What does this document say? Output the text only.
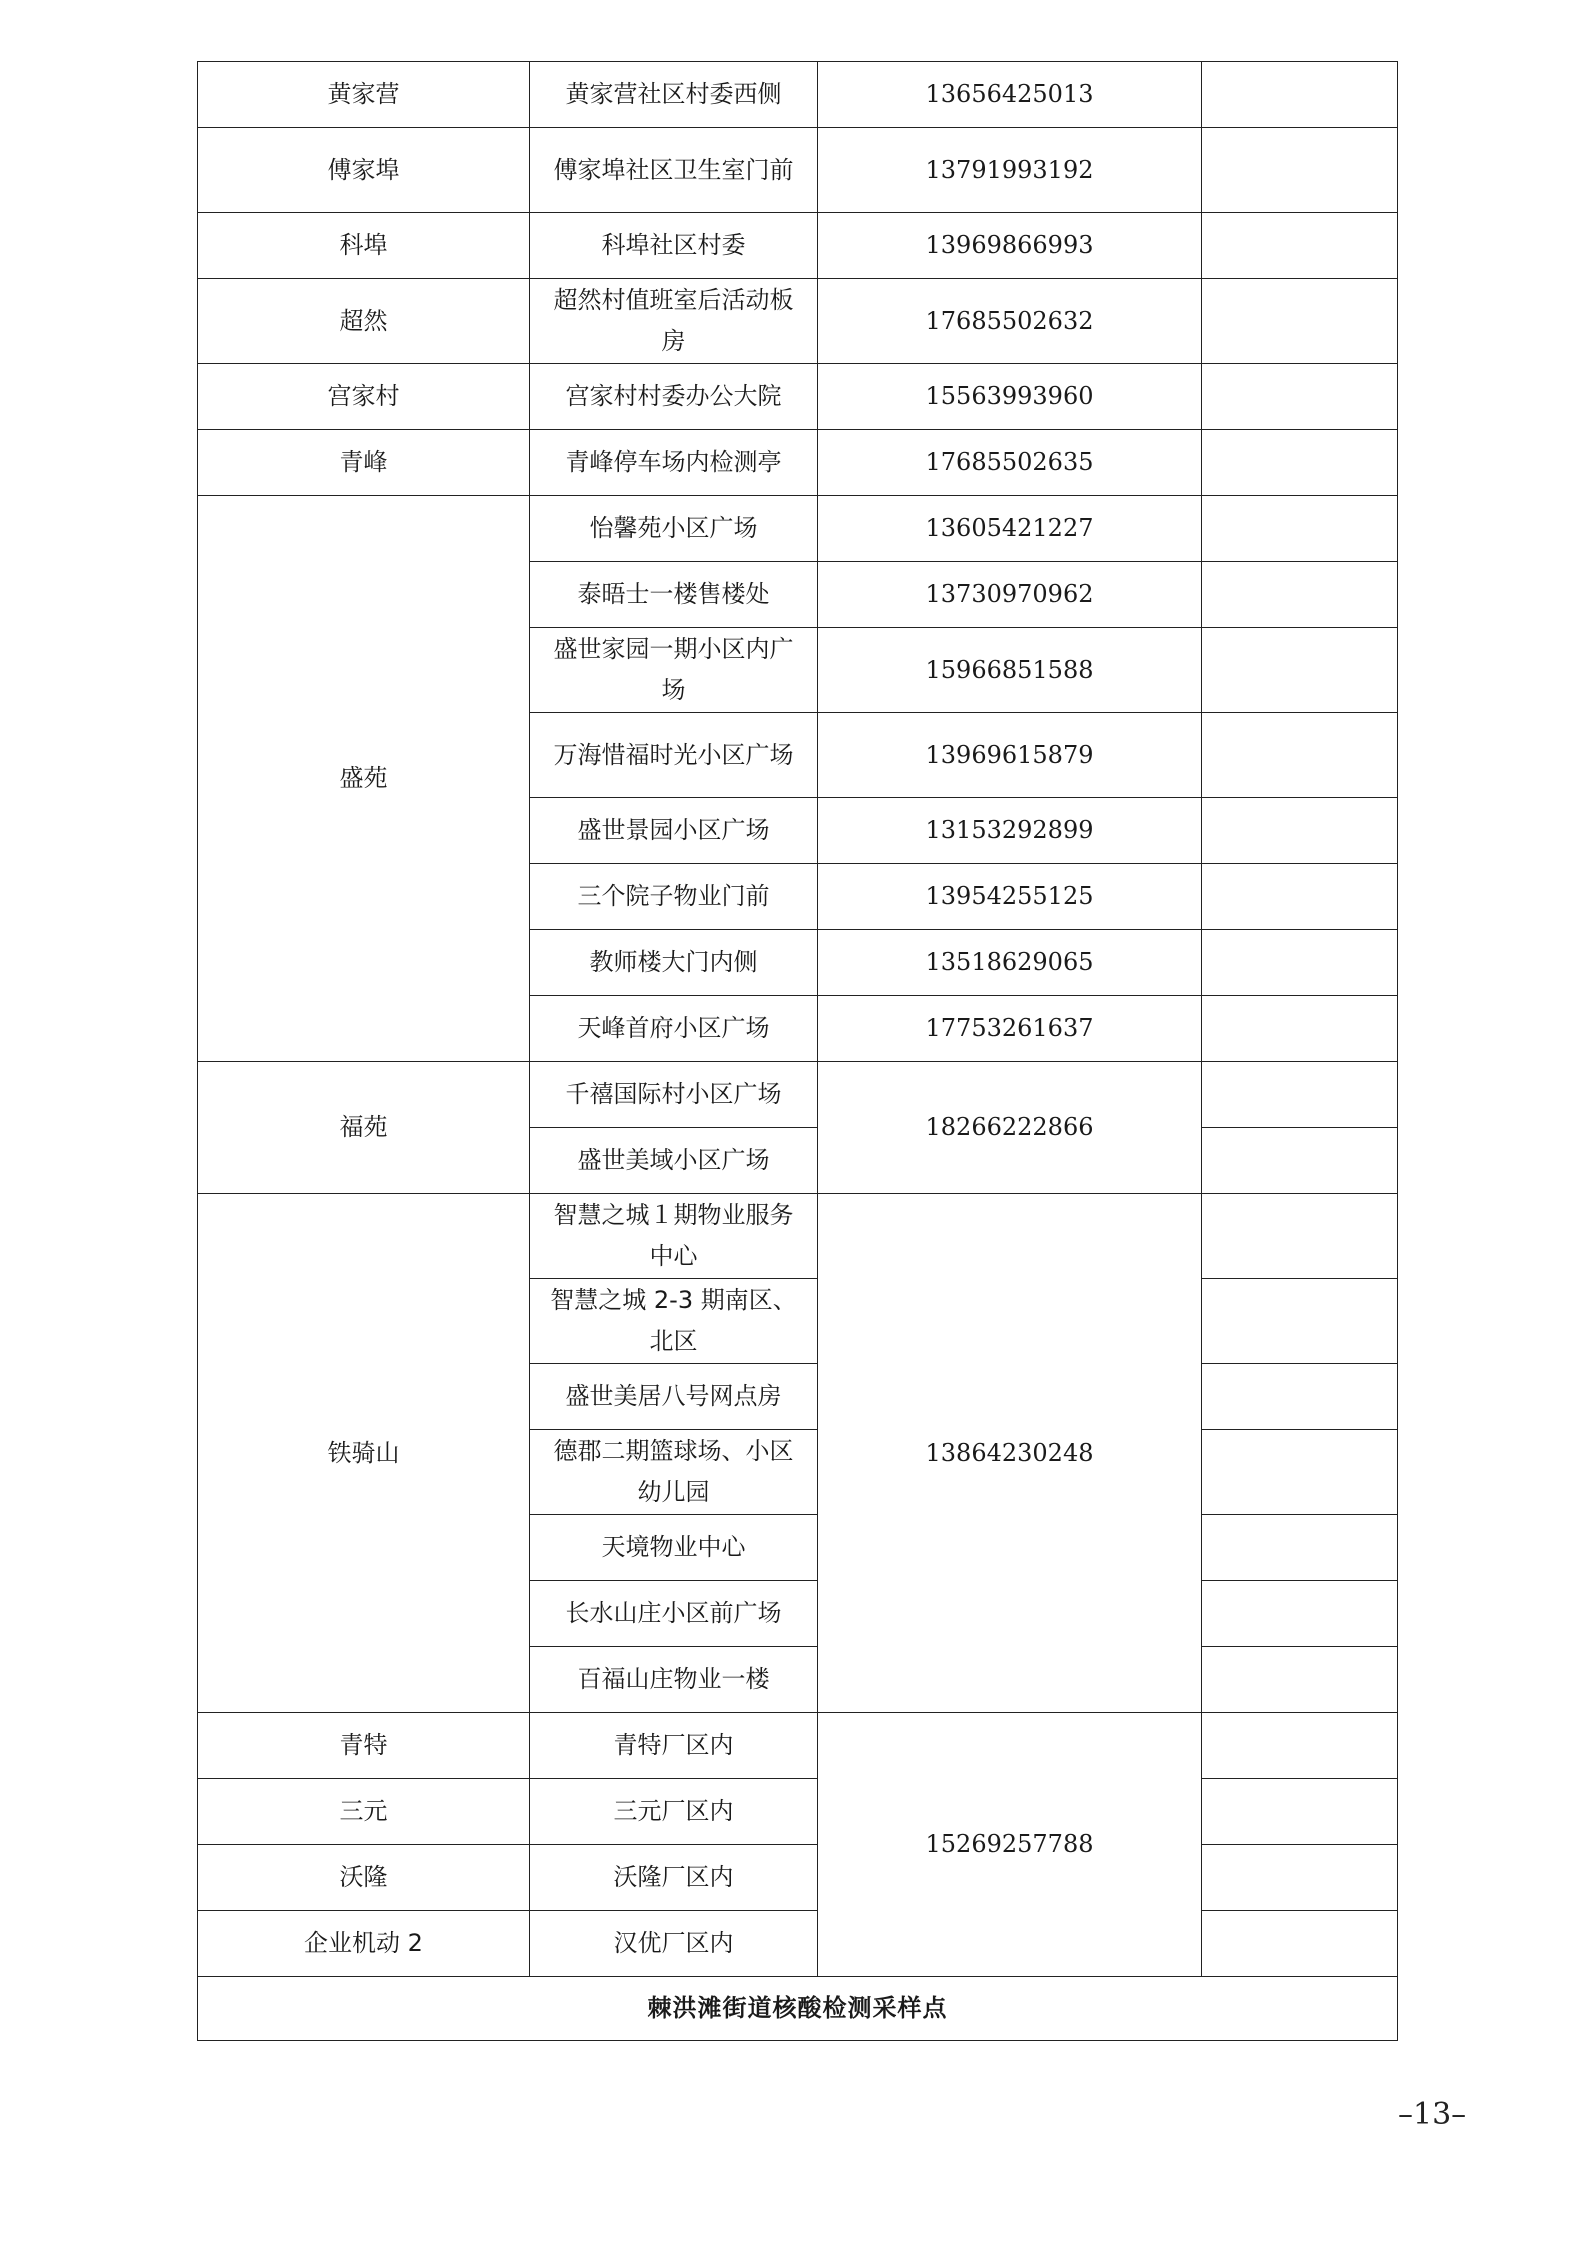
黄家营	黄家营社区村委西侧	13656425013	
傅家埠	傅家埠社区卫生室门前	13791993192	
科埠	科埠社区村委	13969866993	
超然	超然村值班室后活动板房	17685502632	
宫家村	宫家村村委办公大院	15563993960	
青峰	青峰停车场内检测亭	17685502635	
盛苑	怡馨苑小区广场	13605421227	
	泰晤士一楼售楼处	13730970962	
	盛世家园一期小区内广场	15966851588	
	万海惜福时光小区广场	13969615879	
	盛世景园小区广场	13153292899	
	三个院子物业门前	13954255125	
	教师楼大门内侧	13518629065	
	天峰首府小区广场	17753261637	
福苑	千禧国际村小区广场	18266222866	
	盛世美域小区广场		
铁骑山	智慧之城１期物业服务中心	13864230248	
	智慧之城 2-3 期南区、北区		
	盛世美居八号网点房		
	德郡二期篮球场、小区幼儿园		
	天境物业中心		
	长水山庄小区前广场		
	百福山庄物业一楼		
青特	青特厂区内	15269257788	
三元	三元厂区内		
沃隆	沃隆厂区内		
企业机动 2	汉优厂区内		
棘洪滩街道核酸检测采样点			
–13–
